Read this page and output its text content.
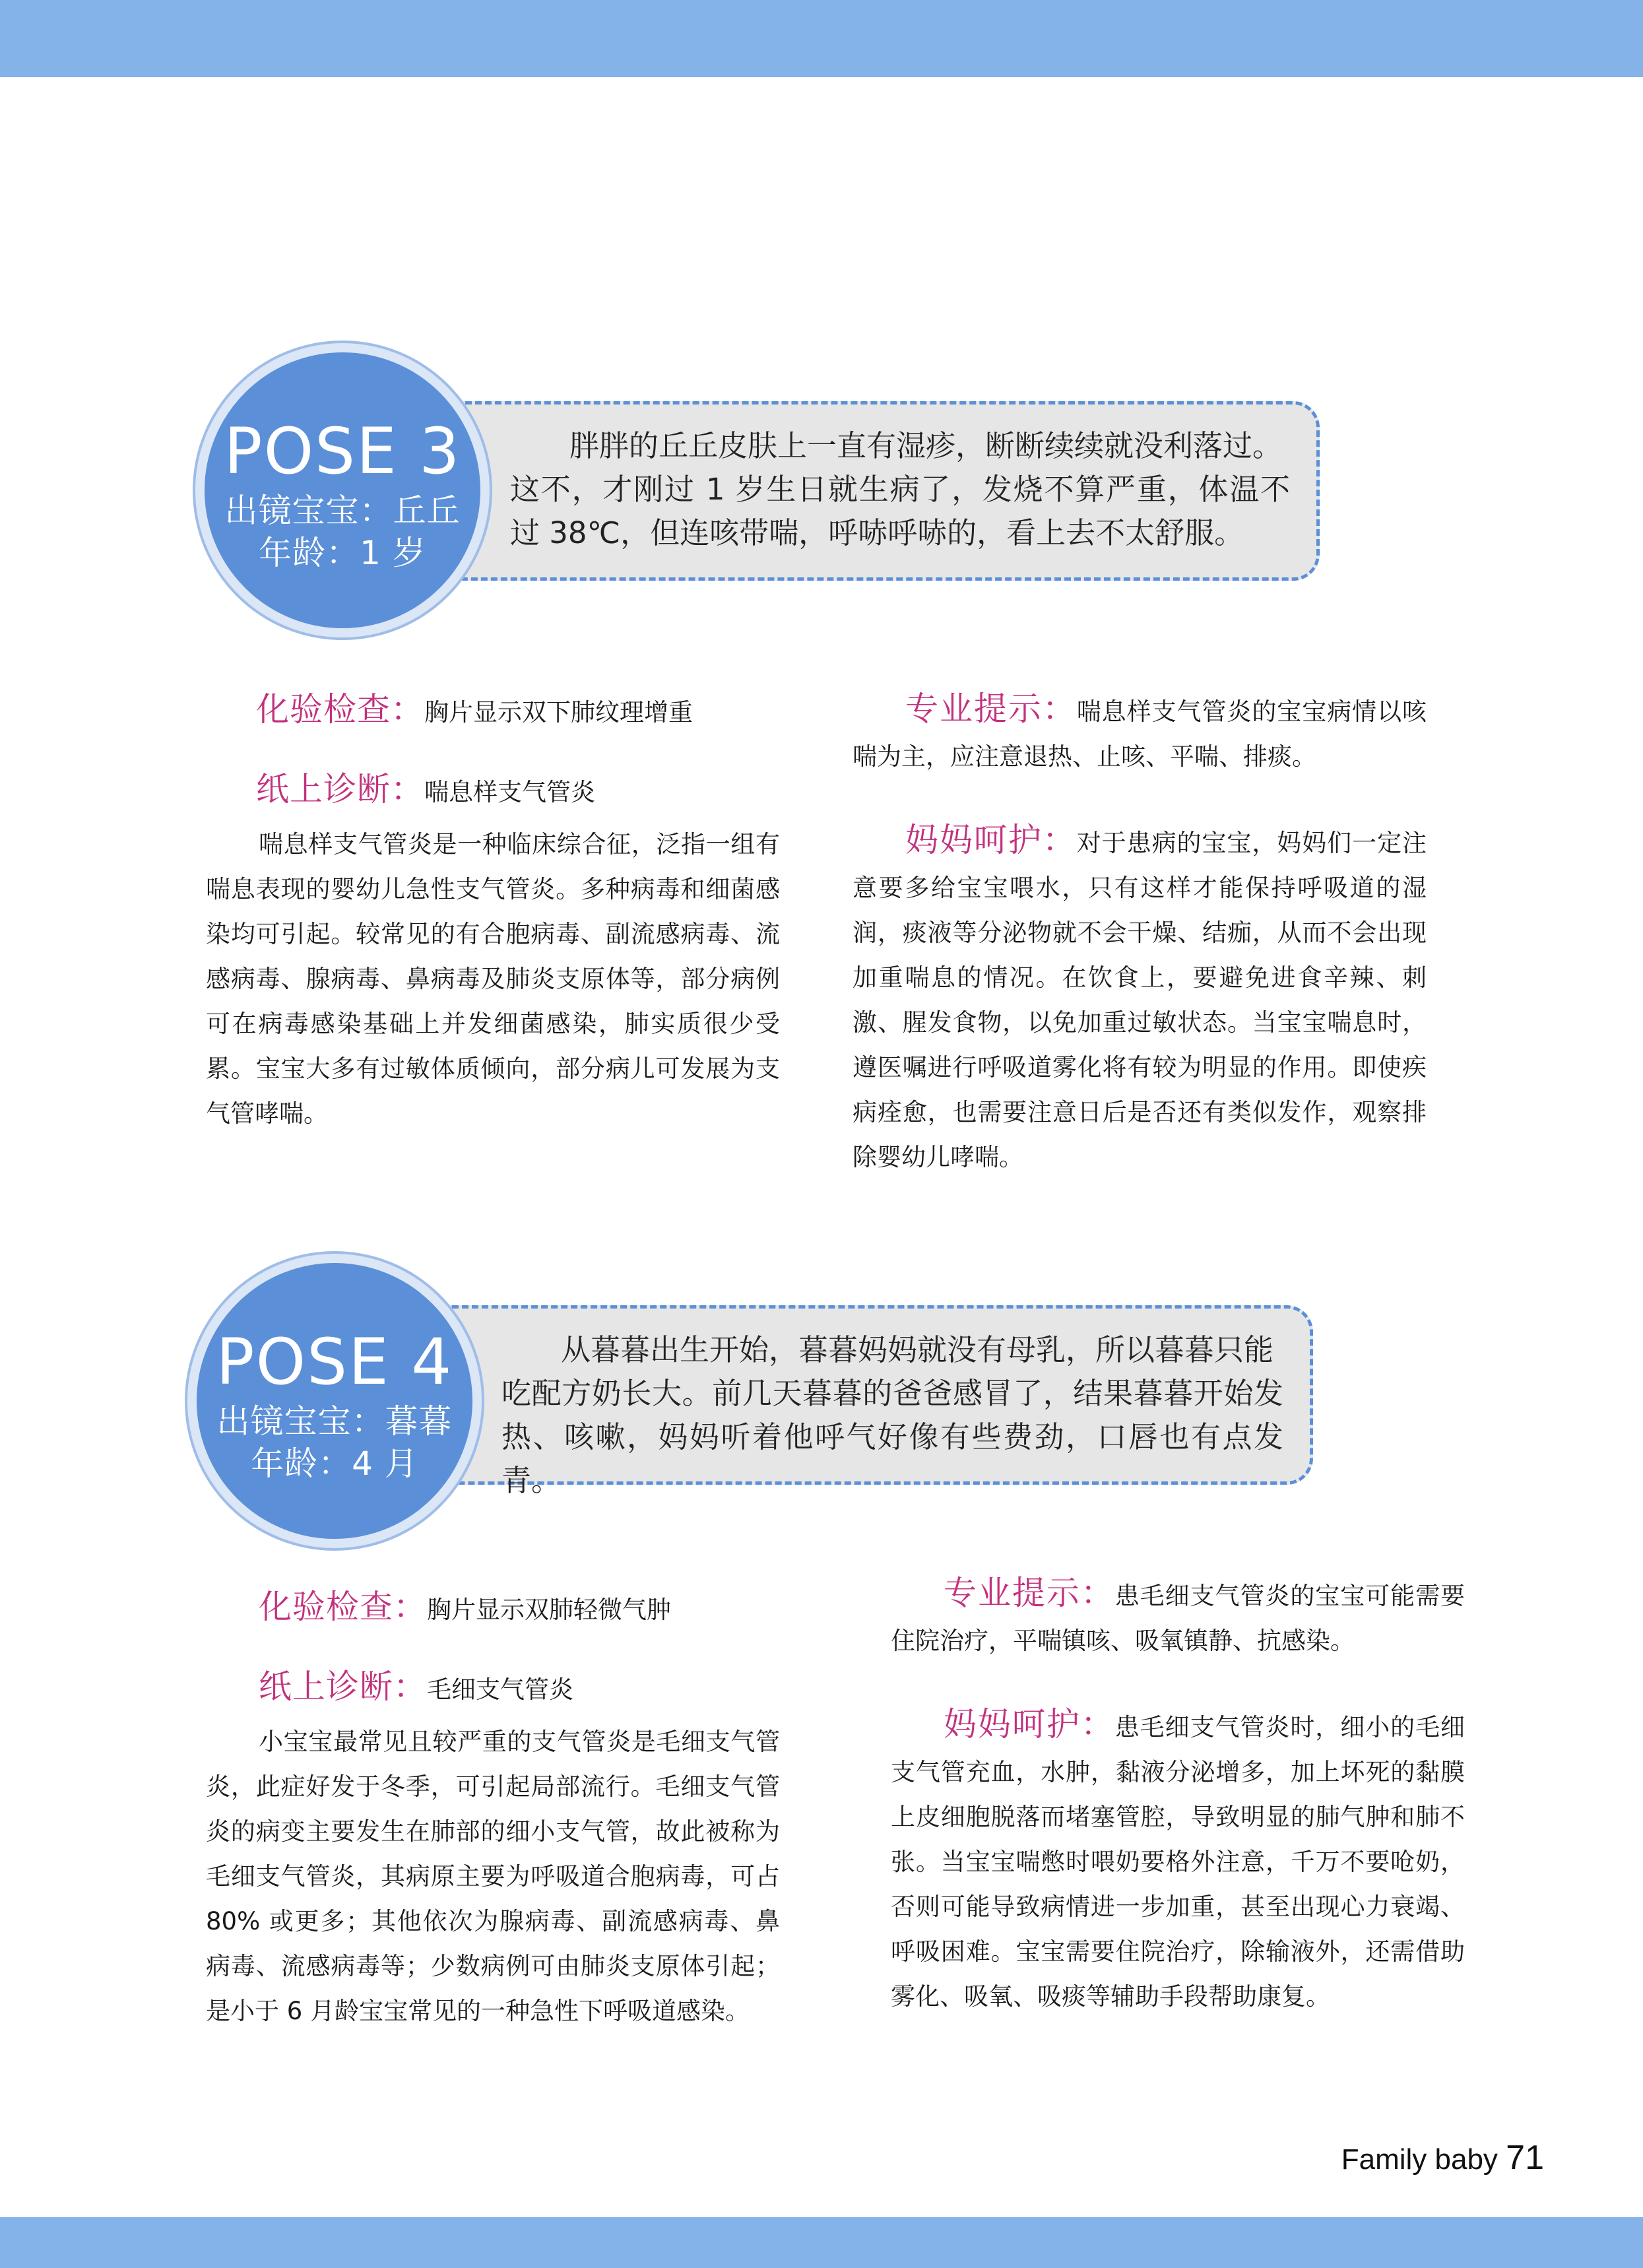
胖胖的丘丘皮肤上一直有湿疹，断断续续就没利落过。
这不，才刚过 1 岁生日就生病了，发烧不算严重，体温不过 38℃，但连咳带喘，呼哧呼哧的，看上去不太舒服。

POSE 3
出镜宝宝：丘丘
年龄：1 岁
化验检查：胸片显示双下肺纹理增重
纸上诊断：喘息样支气管炎

喘息样支气管炎是一种临床综合征，泛指一组有喘息表现的婴幼儿急性支气管炎。多种病毒和细菌感染均可引起。较常见的有合胞病毒、副流感病毒、流感病毒、腺病毒、鼻病毒及肺炎支原体等，部分病例可在病毒感染基础上并发细菌感染，肺实质很少受累。宝宝大多有过敏体质倾向，部分病儿可发展为支气管哮喘。

专业提示：喘息样支气管炎的宝宝病情以咳喘为主，应注意退热、止咳、平喘、排痰。

妈妈呵护：对于患病的宝宝，妈妈们一定注意要多给宝宝喂水，只有这样才能保持呼吸道的湿润，痰液等分泌物就不会干燥、结痂，从而不会出现加重喘息的情况。在饮食上，要避免进食辛辣、刺激、腥发食物，以免加重过敏状态。当宝宝喘息时，遵医嘱进行呼吸道雾化将有较为明显的作用。即使疾病痊愈，也需要注意日后是否还有类似发作，观察排除婴幼儿哮喘。

从暮暮出生开始，暮暮妈妈就没有母乳，所以暮暮只能
吃配方奶长大。前几天暮暮的爸爸感冒了，结果暮暮开始发热、咳嗽，妈妈听着他呼气好像有些费劲，口唇也有点发青。

POSE 4
出镜宝宝：暮暮
年龄：4 月
化验检查：胸片显示双肺轻微气肿
纸上诊断：毛细支气管炎

小宝宝最常见且较严重的支气管炎是毛细支气管炎，此症好发于冬季，可引起局部流行。毛细支气管炎的病变主要发生在肺部的细小支气管，故此被称为毛细支气管炎，其病原主要为呼吸道合胞病毒，可占 80% 或更多；其他依次为腺病毒、副流感病毒、鼻病毒、流感病毒等；少数病例可由肺炎支原体引起；是小于 6 月龄宝宝常见的一种急性下呼吸道感染。

专业提示：患毛细支气管炎的宝宝可能需要住院治疗，平喘镇咳、吸氧镇静、抗感染。

妈妈呵护：患毛细支气管炎时，细小的毛细支气管充血，水肿，黏液分泌增多，加上坏死的黏膜上皮细胞脱落而堵塞管腔，导致明显的肺气肿和肺不张。当宝宝喘憋时喂奶要格外注意，千万不要呛奶，否则可能导致病情进一步加重，甚至出现心力衰竭、呼吸困难。宝宝需要住院治疗，除输液外，还需借助雾化、吸氧、吸痰等辅助手段帮助康复。

Family baby 71
